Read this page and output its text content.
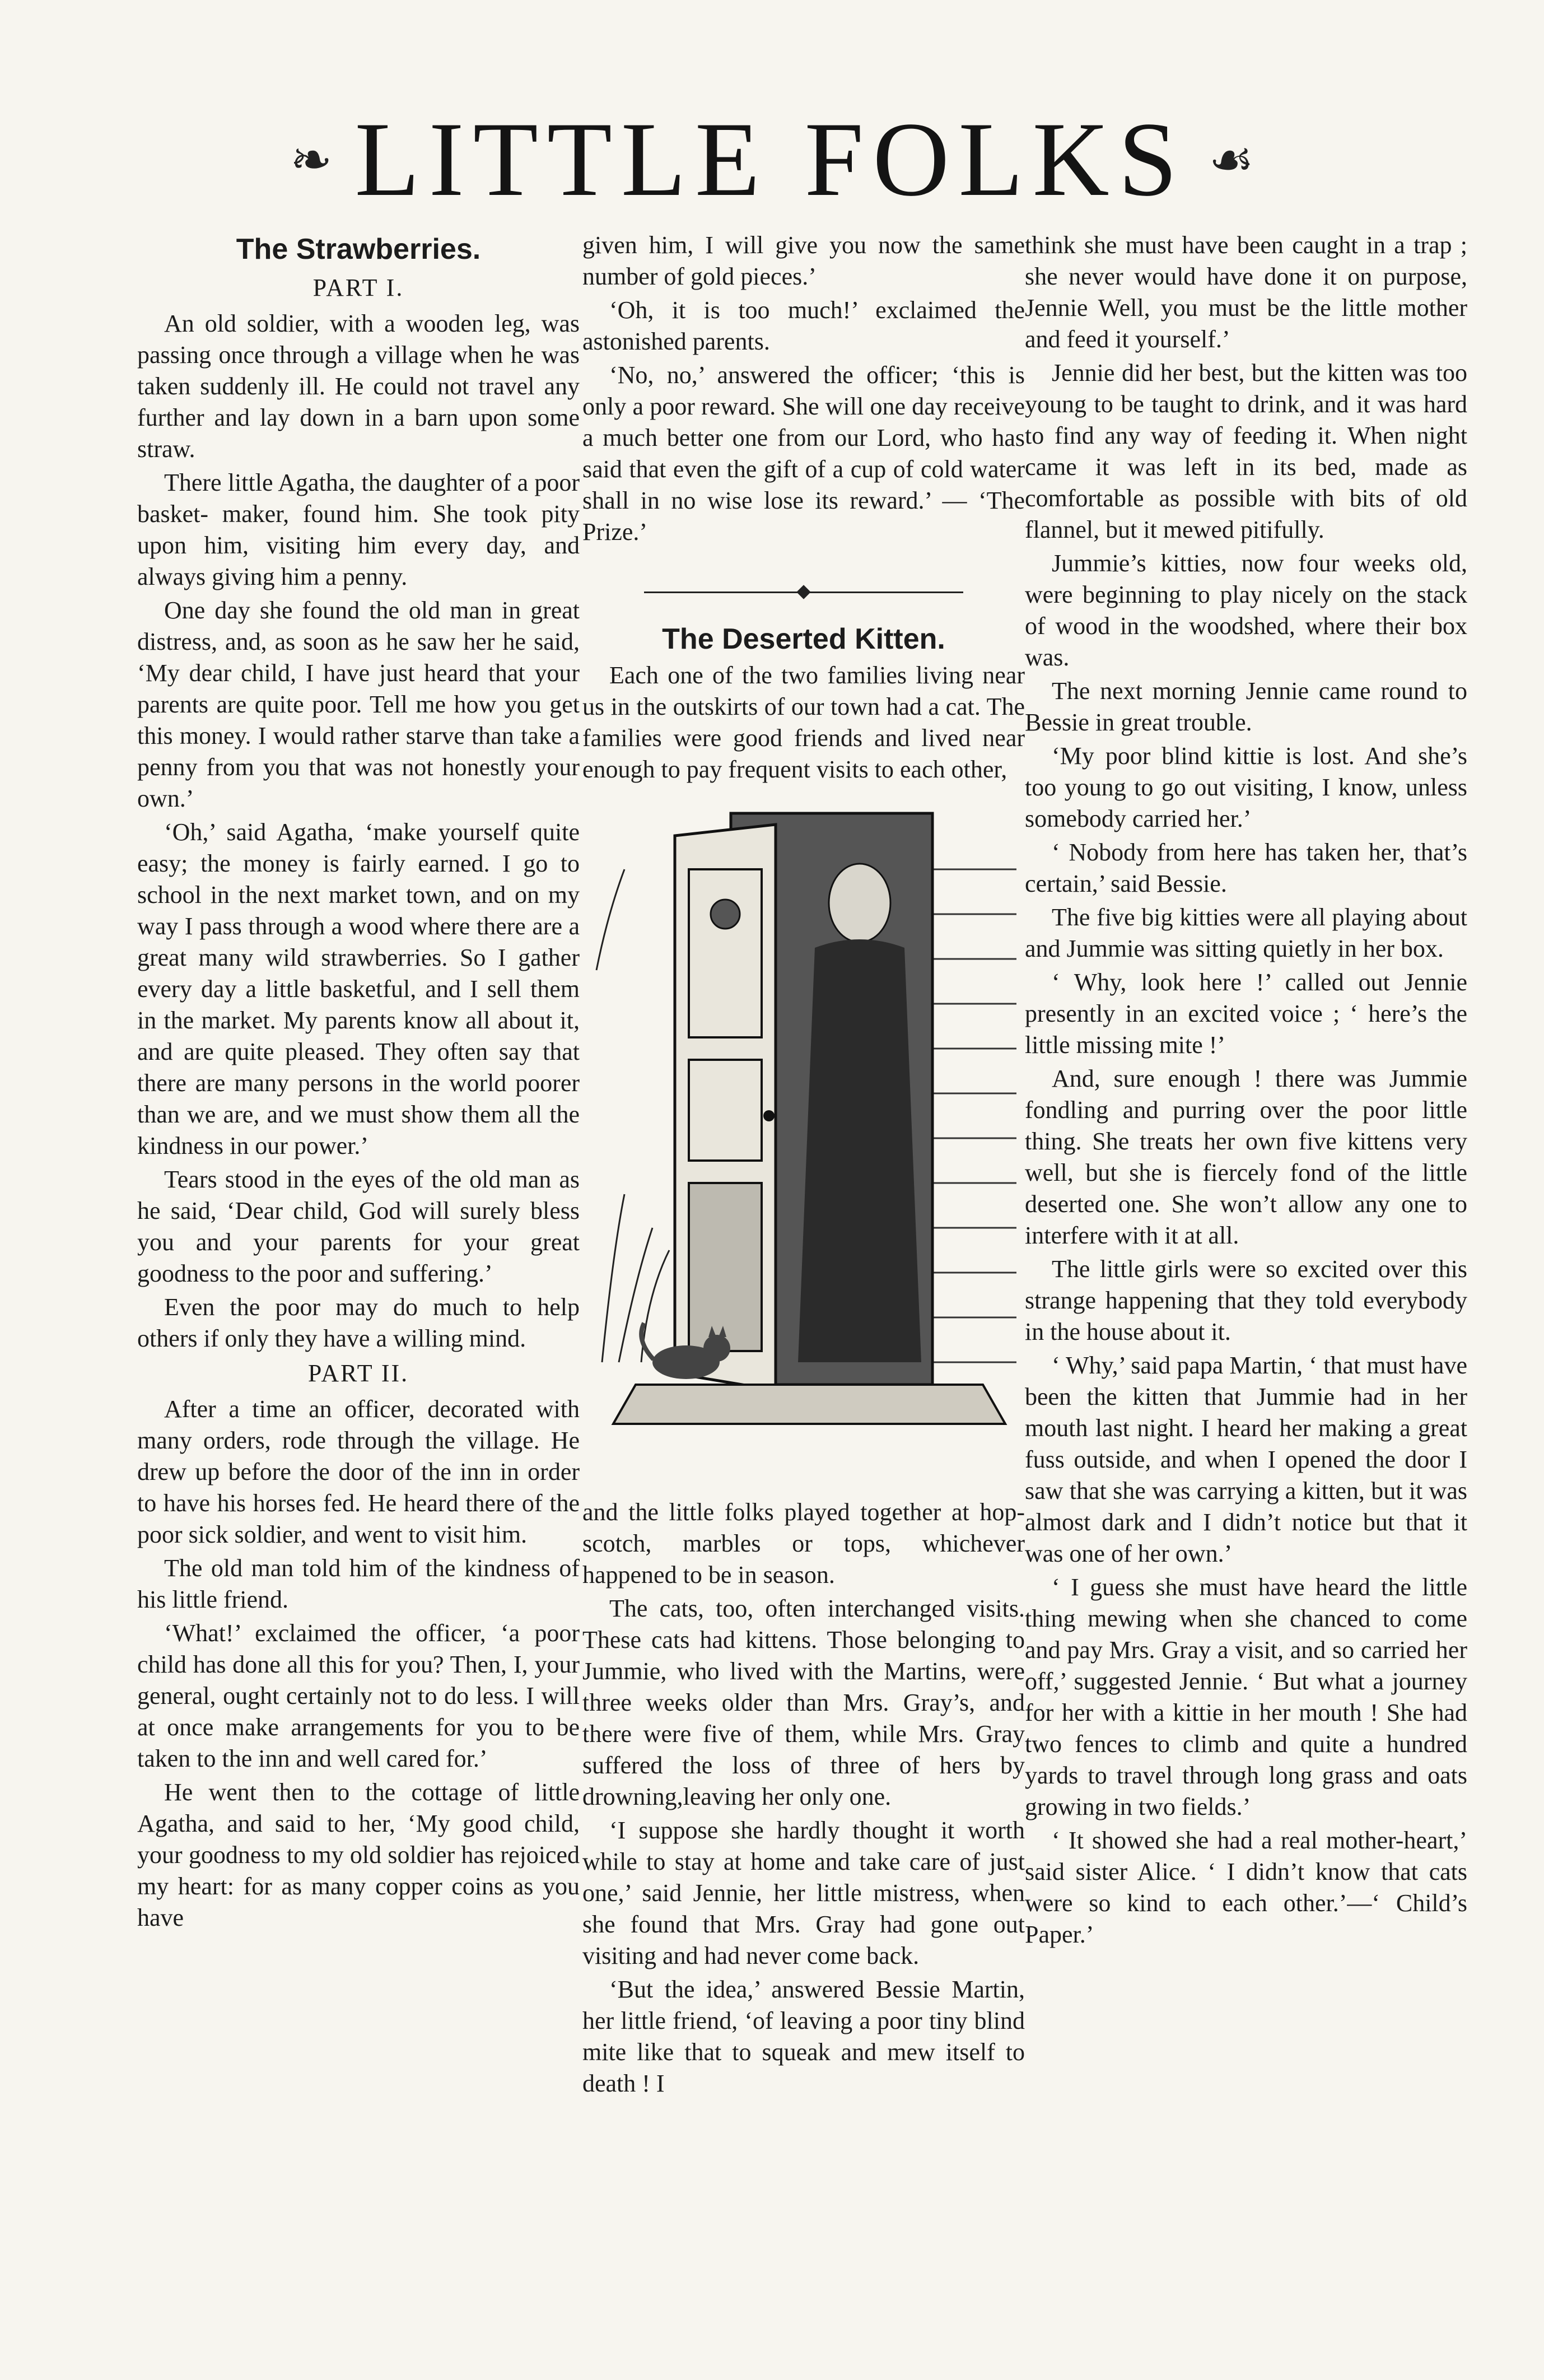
❧ LITTLE FOLKS ☙
The Strawberries.
PART I.

An old soldier, with a wooden leg, was passing once through a village when he was taken suddenly ill. He could not travel any further and lay down in a barn upon some straw.

There little Agatha, the daughter of a poor basket- maker, found him. She took pity upon him, visiting him every day, and always giving him a penny.

One day she found the old man in great distress, and, as soon as he saw her he said, ‘My dear child, I have just heard that your parents are quite poor. Tell me how you get this money. I would rather starve than take a penny from you that was not honestly your own.’

‘Oh,’ said Agatha, ‘make yourself quite easy; the money is fairly earned. I go to school in the next market town, and on my way I pass through a wood where there are a great many wild strawberries. So I gather every day a little basketful, and I sell them in the market. My parents know all about it, and are quite pleased. They often say that there are many persons in the world poorer than we are, and we must show them all the kindness in our power.’

Tears stood in the eyes of the old man as he said, ‘Dear child, God will surely bless you and your parents for your great goodness to the poor and suffering.’

Even the poor may do much to help others if only they have a willing mind.

PART II.

After a time an officer, decorated with many orders, rode through the village. He drew up before the door of the inn in order to have his horses fed. He heard there of the poor sick soldier, and went to visit him.

The old man told him of the kindness of his little friend.

‘What!’ exclaimed the officer, ‘a poor child has done all this for you? Then, I, your general, ought certainly not to do less. I will at once make arrangements for you to be taken to the inn and well cared for.’

He went then to the cottage of little Agatha, and said to her, ‘My good child, your goodness to my old soldier has rejoiced my heart: for as many copper coins as you have

given him, I will give you now the same number of gold pieces.’

‘Oh, it is too much!’ exclaimed the astonished parents.

‘No, no,’ answered the officer; ‘this is only a poor reward. She will one day receive a much better one from our Lord, who has said that even the gift of a cup of cold water shall in no wise lose its reward.’ — ‘The Prize.’

The Deserted Kitten.

Each one of the two families living near us in the outskirts of our town had a cat. The families were good friends and lived near enough to pay frequent visits to each other,

and the little folks played together at hop-scotch, marbles or tops, whichever happened to be in season.

The cats, too, often interchanged visits. These cats had kittens. Those belonging to Jummie, who lived with the Martins, were three weeks older than Mrs. Gray’s, and there were five of them, while Mrs. Gray suffered the loss of three of hers by drowning,leaving her only one.

‘I suppose she hardly thought it worth while to stay at home and take care of just one,’ said Jennie, her little mistress, when she found that Mrs. Gray had gone out visiting and had never come back.

‘But the idea,’ answered Bessie Martin, her little friend, ‘of leaving a poor tiny blind mite like that to squeak and mew itself to death ! I

think she must have been caught in a trap ; she never would have done it on purpose, Jennie Well, you must be the little mother and feed it yourself.’

Jennie did her best, but the kitten was too young to be taught to drink, and it was hard to find any way of feeding it. When night came it was left in its bed, made as comfortable as possible with bits of old flannel, but it mewed pitifully.

Jummie’s kitties, now four weeks old, were beginning to play nicely on the stack of wood in the woodshed, where their box was.

The next morning Jennie came round to Bessie in great trouble.

‘My poor blind kittie is lost. And she’s too young to go out visiting, I know, unless somebody carried her.’

‘ Nobody from here has taken her, that’s certain,’ said Bessie.

The five big kitties were all playing about and Jummie was sitting quietly in her box.

‘ Why, look here !’ called out Jennie presently in an excited voice ; ‘ here’s the little missing mite !’

And, sure enough ! there was Jummie fondling and purring over the poor little thing. She treats her own five kittens very well, but she is fiercely fond of the little deserted one. She won’t allow any one to interfere with it at all.

The little girls were so excited over this strange happening that they told everybody in the house about it.

‘ Why,’ said papa Martin, ‘ that must have been the kitten that Jummie had in her mouth last night. I heard her making a great fuss outside, and when I opened the door I saw that she was carrying a kitten, but it was almost dark and I didn’t notice but that it was one of her own.’

‘ I guess she must have heard the little thing mewing when she chanced to come and pay Mrs. Gray a visit, and so carried her off,’ suggested Jennie. ‘ But what a journey for her with a kittie in her mouth ! She had two fences to climb and quite a hundred yards to travel through long grass and oats growing in two fields.’

‘ It showed she had a real mother-heart,’ said sister Alice. ‘ I didn’t know that cats were so kind to each other.’—‘ Child’s Paper.’
